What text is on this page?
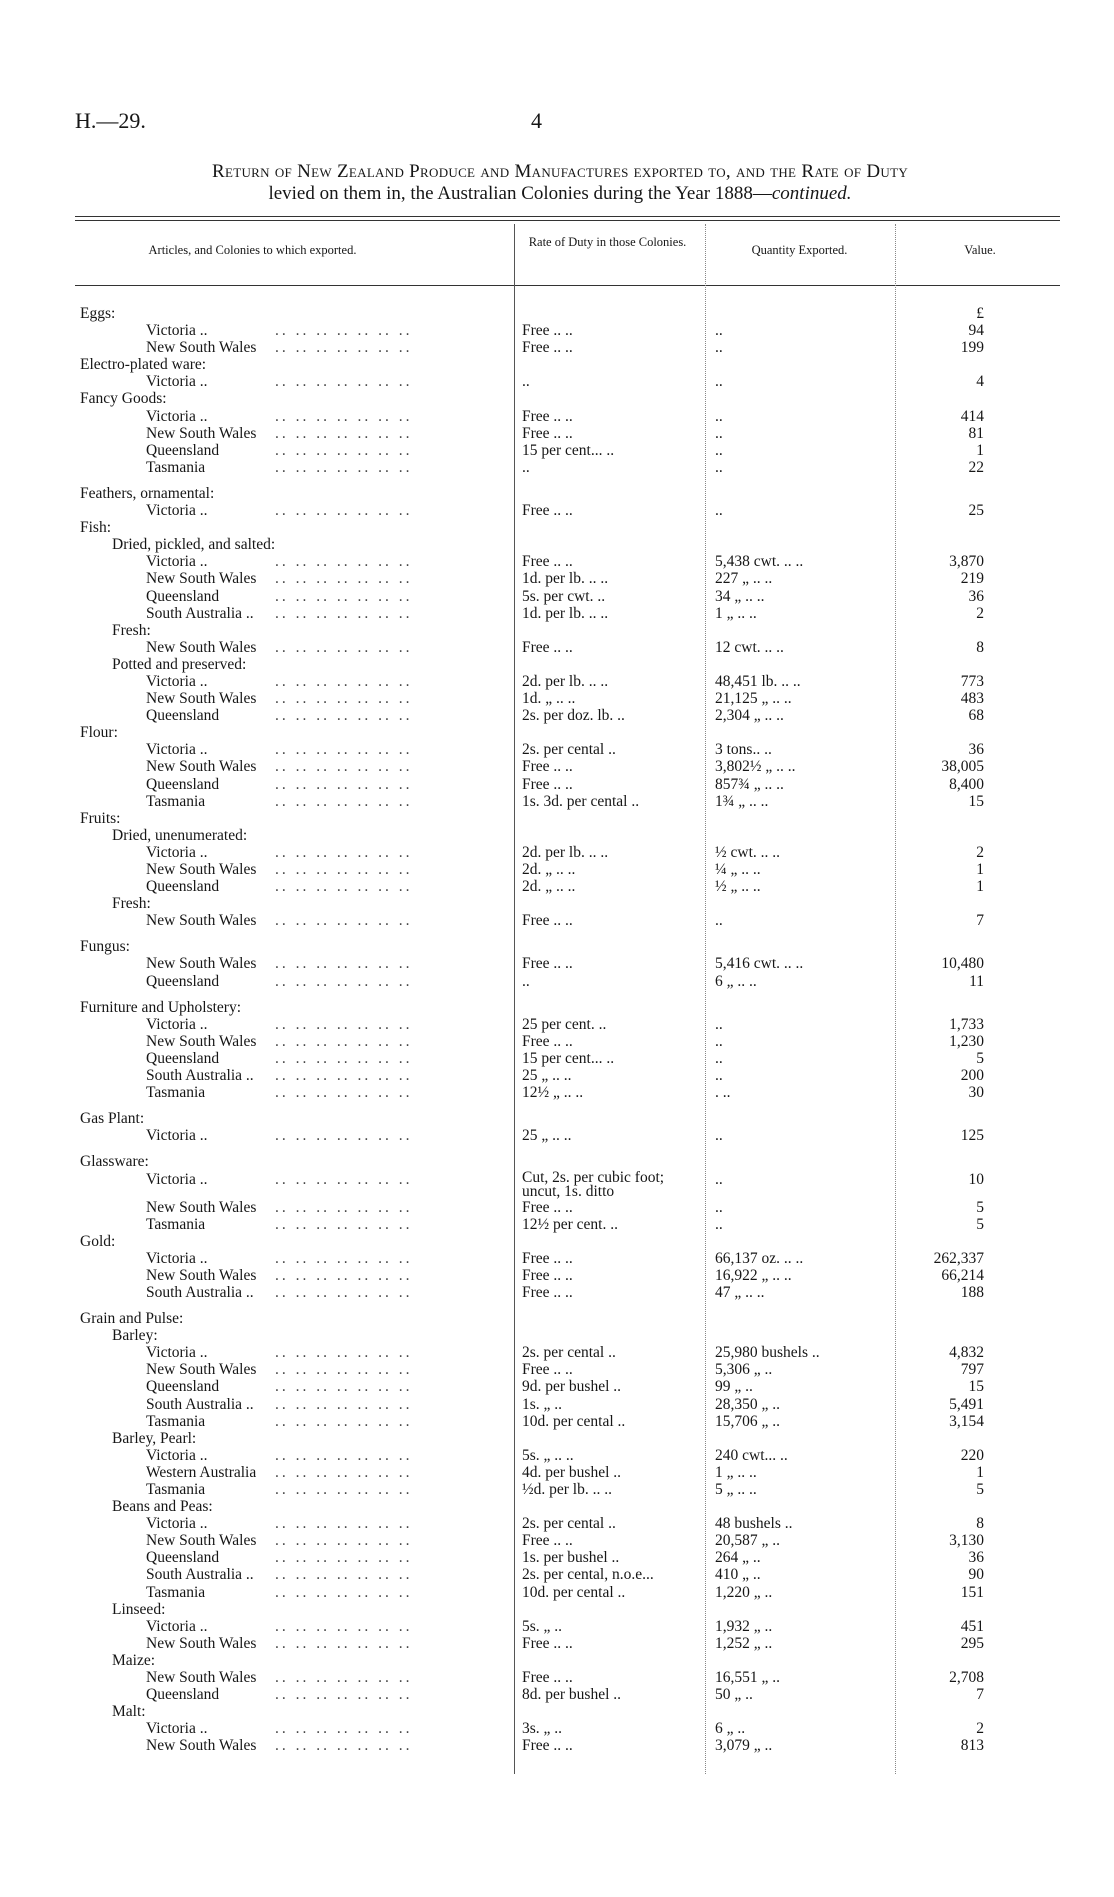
H.—29.	4
Return of New Zealand Produce and Manufactures exported to, and the Rate of Duty
levied on them in, the Australian Colonies during the Year 1888—continued.
Articles, and Colonies to which exported.
Rate of Duty in those Colonies.
Quantity Exported.	Value.
Eggs:	£
Victoria ..	.. .. .. .. .. .. ..	Free .. ..	..	94
New South Wales .. .. .. .. .. .. ..	Free .. ..	..	199
Electro-plated ware:
Victoria ..	.. .. .. .. .. .. ..	..	..	4
Fancy Goods:
Victoria ..	.. .. .. .. .. .. ..	Free .. ..	..	414
New South Wales .. .. .. .. .. .. ..	Free .. ..	..	81
Queensland	.. .. .. .. .. .. ..	15 per cent... ..	..	1
Tasmania	.. .. .. .. .. .. ..	..	..	22
Feathers, ornamental:
Victoria ..	.. .. .. .. .. .. ..	Free .. ..	..	25
Fish:
Dried, pickled, and salted:
Victoria ..	.. .. .. .. .. .. ..	Free .. ..	5,438 cwt. .. ..	3,870
New South Wales .. .. .. .. .. .. ..	1d. per lb. .. ..	227 „ .. ..	219
Queensland	.. .. .. .. .. .. ..	5s. per cwt. ..	34 „ .. ..	36
South Australia .. .. .. .. .. .. .. ..	1d. per lb. .. ..	1 „ .. ..	2
Fresh:
New South Wales .. .. .. .. .. .. ..	Free .. ..	12 cwt. .. ..	8
Potted and preserved:
Victoria ..	.. .. .. .. .. .. ..	2d. per lb. .. ..	48,451 lb. .. ..	773
New South Wales .. .. .. .. .. .. ..	1d. „ .. ..	21,125 „ .. ..	483
Queensland	.. .. .. .. .. .. ..	2s. per doz. lb. ..	2,304 „ .. ..	68
Flour:
Victoria ..	.. .. .. .. .. .. ..	2s. per cental ..	3 tons.. ..	36
New South Wales .. .. .. .. .. .. ..	Free .. ..	3,802½ „ .. ..	38,005
Queensland	.. .. .. .. .. .. ..	Free .. ..	857¾ „ .. ..	8,400
Tasmania	.. .. .. .. .. .. ..	1s. 3d. per cental ..	1¾ „ .. ..	15
Fruits:
Dried, unenumerated:
Victoria ..	.. .. .. .. .. .. ..	2d. per lb. .. ..	½ cwt. .. ..	2
New South Wales .. .. .. .. .. .. ..	2d. „ .. ..	¼ „ .. ..	1
Queensland	.. .. .. .. .. .. ..	2d. „ .. ..	½ „ .. ..	1
Fresh:
New South Wales .. .. .. .. .. .. ..	Free .. ..	..	7
Fungus:
New South Wales .. .. .. .. .. .. ..	Free .. ..	5,416 cwt. .. ..	10,480
Queensland	.. .. .. .. .. .. ..	..	6 „ .. ..	11
Furniture and Upholstery:
Victoria ..	.. .. .. .. .. .. ..	25 per cent. ..	..	1,733
New South Wales .. .. .. .. .. .. ..	Free .. ..	..	1,230
Queensland	.. .. .. .. .. .. ..	15 per cent... ..	..	5
South Australia .. .. .. .. .. .. .. ..	25 „ .. ..	..	200
Tasmania	.. .. .. .. .. .. ..	12½ „ .. ..	. ..	30
Gas Plant:
Victoria ..	.. .. .. .. .. .. ..	25 „ .. ..	..	125
Glassware:
Victoria ..	.. .. .. .. .. .. ..	Cut, 2s. per cubic foot;
uncut, 1s. ditto
..	10
New South Wales .. .. .. .. .. .. ..	Free .. ..	..	5
Tasmania	.. .. .. .. .. .. ..	12½ per cent. ..	..	5
Gold:
Victoria ..	.. .. .. .. .. .. ..	Free .. ..	66,137 oz. .. ..	262,337
New South Wales .. .. .. .. .. .. ..	Free .. ..	16,922 „ .. ..	66,214
South Australia .. .. .. .. .. .. .. ..	Free .. ..	47 „ .. ..	188
Grain and Pulse:
Barley:
Victoria ..	.. .. .. .. .. .. ..	2s. per cental ..	25,980 bushels ..	4,832
New South Wales .. .. .. .. .. .. ..	Free .. ..	5,306 „ ..	797
Queensland	.. .. .. .. .. .. ..	9d. per bushel ..	99 „ ..	15
South Australia .. .. .. .. .. .. .. ..	1s. „ ..	28,350 „ ..	5,491
Tasmania	.. .. .. .. .. .. ..	10d. per cental ..	15,706 „ ..	3,154
Barley, Pearl:
Victoria ..	.. .. .. .. .. .. ..	5s. „ .. ..	240 cwt... ..	220
Western Australia .. .. .. .. .. .. ..	4d. per bushel ..	1 „ .. ..	1
Tasmania	.. .. .. .. .. .. ..	½d. per lb. .. ..	5 „ .. ..	5
Beans and Peas:
Victoria ..	.. .. .. .. .. .. ..	2s. per cental ..	48 bushels ..	8
New South Wales .. .. .. .. .. .. ..	Free .. ..	20,587 „ ..	3,130
Queensland	.. .. .. .. .. .. ..	1s. per bushel ..	264 „ ..	36
South Australia .. .. .. .. .. .. .. ..	2s. per cental, n.o.e...	410 „ ..	90
Tasmania	.. .. .. .. .. .. ..	10d. per cental ..	1,220 „ ..	151
Linseed:
Victoria ..	.. .. .. .. .. .. ..	5s. „ ..	1,932 „ ..	451
New South Wales .. .. .. .. .. .. ..	Free .. ..	1,252 „ ..	295
Maize:
New South Wales .. .. .. .. .. .. ..	Free .. ..	16,551 „ ..	2,708
Queensland	.. .. .. .. .. .. ..	8d. per bushel ..	50 „ ..	7
Malt:
Victoria ..	.. .. .. .. .. .. ..	3s. „ ..	6 „ ..	2
New South Wales .. .. .. .. .. .. ..	Free .. ..	3,079 „ ..	813
